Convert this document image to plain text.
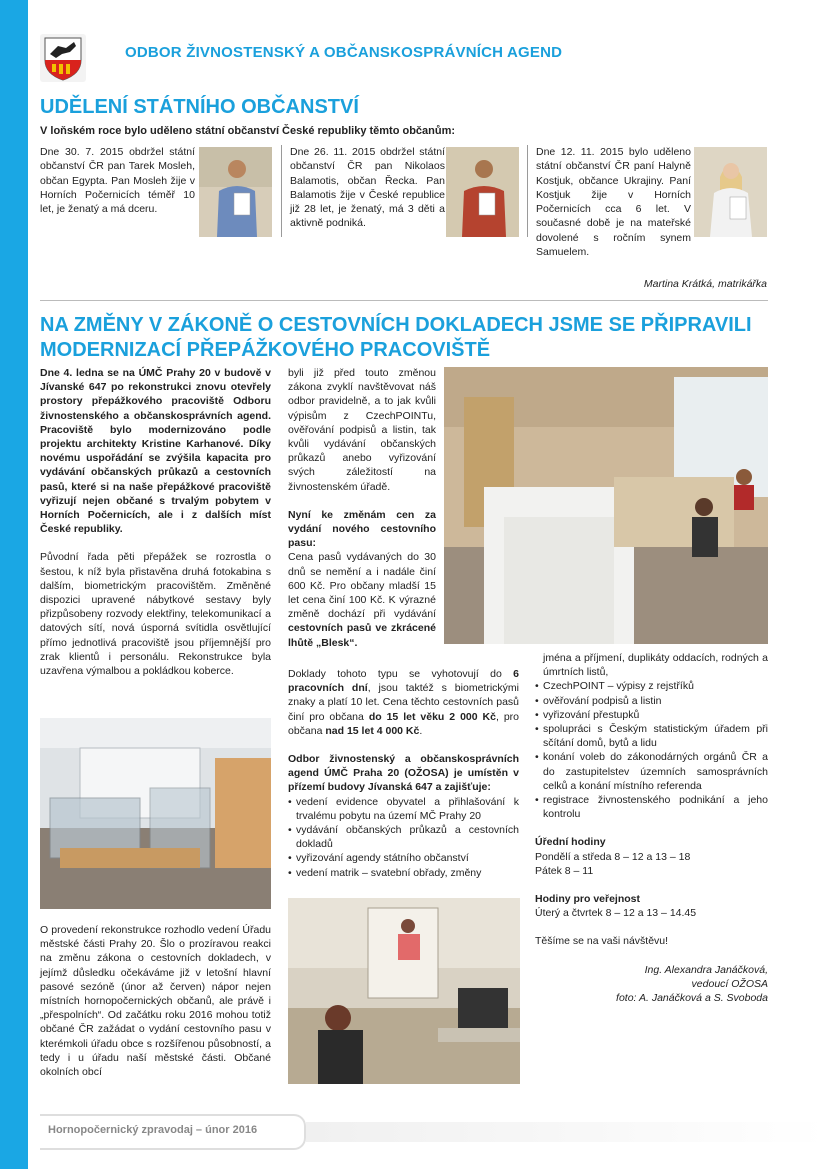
ODBOR ŽIVNOSTENSKÝ A OBČANSKOSPRÁVNÍCH AGEND
UDĚLENÍ STÁTNÍHO OBČANSTVÍ
V loňském roce bylo uděleno státní občanství České republiky těmto občanům:
Dne 30. 7. 2015 obdržel státní občanství ČR pan Tarek Mosleh, občan Egypta. Pan Mosleh žije v Horních Počernicích téměř 10 let, je ženatý a má dceru.
Dne 26. 11. 2015 obdržel státní občanství ČR pan Nikolaos Balamotis, občan Řecka. Pan Balamotis žije v České republice již 28 let, je ženatý, má 3 děti a aktivně podniká.
Dne 12. 11. 2015 bylo uděleno státní občanství ČR paní Halyně Kostjuk, občance Ukrajiny. Paní Kostjuk žije v Horních Počernicích cca 6 let. V současné době je na mateřské dovolené s ročním synem Samuelem.
Martina Krátká, matrikářka
NA ZMĚNY V ZÁKONĚ O CESTOVNÍCH DOKLADECH JSME SE PŘIPRAVILI
MODERNIZACÍ PŘEPÁŽKOVÉHO PRACOVIŠTĚ

Dne 4. ledna se na ÚMČ Prahy 20 v budově v Jívanské 647 po rekonstrukci znovu otevřely prostory přepážkového pracoviště Odboru živnostenského a občanskosprávních agend. Pracoviště bylo modernizováno podle projektu architekty Kristine Karhanové. Díky novému uspořádání se zvýšila kapacita pro vydávání občanských průkazů a cestovních pasů, které si na naše přepážkové pracoviště vyřizují nejen občané s trvalým pobytem v Horních Počernicích, ale i z dalších míst České republiky.

Původní řada pěti přepážek se rozrostla o šestou, k níž byla přistavěna druhá fotokabina s dalším, biometrickým pracovištěm. Změněné dispozici upravené nábytkové sestavy byly přizpůsobeny rozvody elektřiny, telekomunikací a datových sítí, nová úsporná svítidla osvětlující přímo jednotlivá pracoviště jsou příjemnější pro zrak klientů i personálu. Rekonstrukce byla uzavřena výmalbou a pokládkou koberce.

O provedení rekonstrukce rozhodlo vedení Úřadu městské části Prahy 20. Šlo o prozíravou reakci na změnu zákona o cestovních dokladech, v jejímž důsledku očekáváme již v letošní hlavní pasové sezóně (únor až červen) nápor nejen místních hornopočernických občanů, ale právě i „přespolních“. Od začátku roku 2016 mohou totiž občané ČR zažádat o vydání cestovního pasu v kterémkoli úřadu obce s rozšířenou působností, a tedy i u úřadu naší městské části. Občané okolních obcí

byli již před touto změnou zákona zvyklí navštěvovat náš odbor pravidelně, a to jak kvůli výpisům z CzechPOINTu, ověřování podpisů a listin, tak kvůli vydávání občanských průkazů anebo vyřizování svých záležitostí na živnostenském úřadě.

Nyní ke změnám cen za vydání nového cestovního pasu:

Cena pasů vydávaných do 30 dnů se nemění a i nadále činí 600 Kč. Pro občany mladší 15 let cena činí 100 Kč. K výrazné změně dochází při vydávání cestovních pasů ve zkrácené lhůtě „Blesk“.

Doklady tohoto typu se vyhotovují do 6 pracovních dní, jsou taktéž s biometrickými znaky a platí 10 let. Cena těchto cestovních pasů činí pro občana do 15 let věku 2 000 Kč, pro občana nad 15 let 4 000 Kč.

Odbor živnostenský a občanskosprávních agend ÚMČ Praha 20 (OŽOSA) je umístěn v přízemí budovy Jívanská 647 a zajišťuje:

• vedení evidence obyvatel a přihlašování k trvalému pobytu na území MČ Prahy 20
• vydávání občanských průkazů a cestovních dokladů
• vyřizování agendy státního občanství
• vedení matrik – svatební obřady, změny

jména a příjmení, duplikáty oddacích, rodných a úmrtních listů,

• CzechPOINT – výpisy z rejstříků
• ověřování podpisů a listin
• vyřizování přestupků
• spolupráci s Českým statistickým úřadem při sčítání domů, bytů a lidu
• konání voleb do zákonodárných orgánů ČR a do zastupitelstev územních samosprávních celků a konání místního referenda
• registrace živnostenského podnikání a jeho kontrolu

Úřední hodiny

Pondělí a středa 8 – 12 a 13 – 18

Pátek 8 – 11

Hodiny pro veřejnost

Úterý a čtvrtek 8 – 12 a 13 – 14.45

Těšíme se na vaši návštěvu!

Ing. Alexandra Janáčková,
vedoucí OŽOSA
foto: A. Janáčková a S. Svoboda
Hornopočernický zpravodaj – únor 2016
